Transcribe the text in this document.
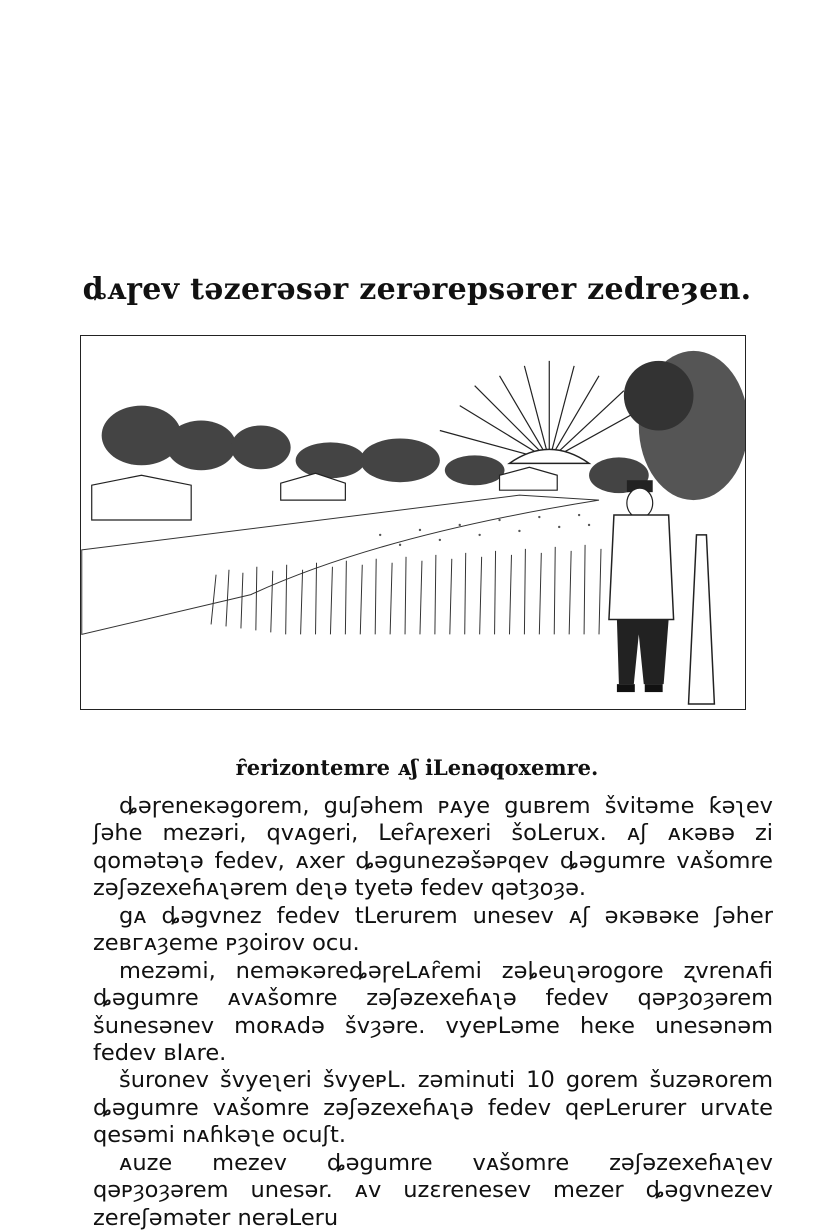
ȡᴀɼev təzerəsər zerərepsərer zedreȝen.
ȓerizontemre ᴀʃ iLenəqoxemre.

ȡəɼeneĸəgorem, guʃəhem ᴘᴀye guвrem švitəme ƙəʅev ʃəhe mezəri, qvᴀgeri, Leȓᴀɼexeri šoLerux. ᴀʃ ᴀĸəвə zi qomətəʅə fedev, ᴀxer ȡəgunezəšəᴘqev ȡəgumre vᴀšomre zəʃəzexeɦᴀʅərem deʅə tyetə fedev qətȝoȝə.

gᴀ ȡəgvnez fedev tLerurem unesev ᴀʃ əĸəвəĸe ʃəher zeвгᴀȝeme ᴘȝoirov ocu.

mezəmi, neməĸəreȡəɼeLᴀȓemi zəȴeuʅərogore ʐvrenᴀfi ȡəgumre ᴀvᴀšomre zəʃəzexeɦᴀʅə fedev qəᴘȝoȝərem šunesənev moʀᴀdə švȝəre. vyeᴘLəme heĸe unesənəm fedev вIᴀre.

šuronev švyeʅeri švyeᴘL. zəminuti 10 gorem šuzəʀorem ȡəgumre vᴀšomre zəʃəzexeɦᴀʅə fedev qeᴘLerurer urvᴀte qesəmi nᴀɦkəʅe ocuʃt.

ᴀuze mezev ȡəgumre vᴀšomre zəʃəzexeɦᴀʅev qəᴘȝoȝərem unesər. ᴀv uzɛrenesev mezer ȡəgvnezev zereʃəməter nerəLeru
